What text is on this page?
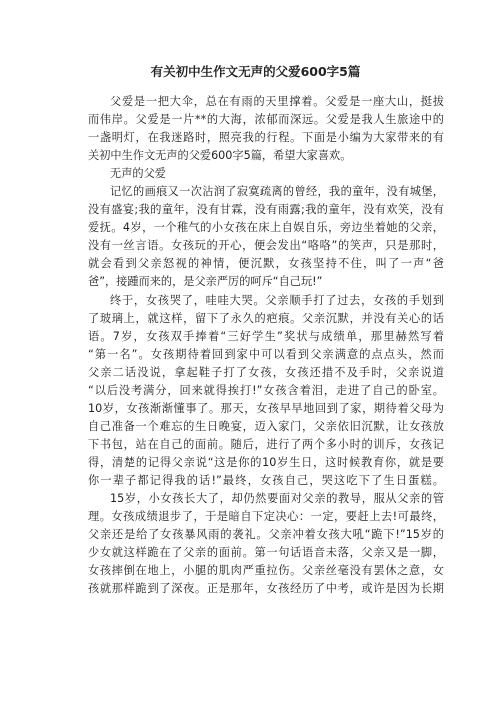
有关初中生作文无声的父爱600字5篇
父爱是一把大伞，总在有雨的天里撑着。父爱是一座大山，挺拔
而伟岸。父爱是一片**的大海，浓郁而深远。父爱是我人生旅途中的
一盏明灯，在我迷路时，照亮我的行程。下面是小编为大家带来的有
关初中生作文无声的父爱600字5篇，希望大家喜欢。
无声的父爱
记忆的画痕又一次沾润了寂寞疏离的曾经，我的童年，没有城堡，
没有盛宴;我的童年，没有甘霖，没有雨露;我的童年，没有欢笑，没有
爱抚。4岁，一个稚气的小女孩在床上自娱自乐，旁边坐着她的父亲，
没有一丝言语。女孩玩的开心，便会发出“咯咯”的笑声，只是那时，
就会看到父亲怒视的神情，便沉默，女孩坚持不住，叫了一声“爸
爸”，接踵而来的，是父亲严厉的呵斥“自己玩!”
终于，女孩哭了，哇哇大哭。父亲顺手打了过去，女孩的手划到
了玻璃上，就这样，留下了永久的疤痕。父亲沉默，并没有关心的话
语。7岁，女孩双手捧着“三好学生”奖状与成绩单，那里赫然写着
“第一名”。女孩期待着回到家中可以看到父亲满意的点点头，然而
父亲二话没说，拿起鞋子打了女孩，女孩还措不及手时，父亲说道
“以后没考满分，回来就得挨打!”女孩含着泪，走进了自己的卧室。
10岁，女孩渐渐懂事了。那天，女孩早早地回到了家，期待着父母为
自己准备一个难忘的生日晚宴，迈入家门，父亲依旧沉默，让女孩放
下书包，站在自己的面前。随后，进行了两个多小时的训斥，女孩记
得，清楚的记得父亲说“这是你的10岁生日，这时候教育你，就是要
你一辈子都记得我的话!”最终，女孩自己，哭这吃下了生日蛋糕。
15岁，小女孩长大了，却仍然要面对父亲的教导，服从父亲的管
理。女孩成绩退步了，于是暗自下定决心：一定，要赶上去!可最终，
父亲还是给了女孩暴风雨的袭礼。父亲冲着女孩大吼“跪下!”15岁的
少女就这样跪在了父亲的面前。第一句话语音未落，父亲又是一脚，
女孩摔倒在地上，小腿的肌肉严重拉伤。父亲丝毫没有罢休之意，女
孩就那样跪到了深夜。正是那年，女孩经历了中考，或许是因为长期
